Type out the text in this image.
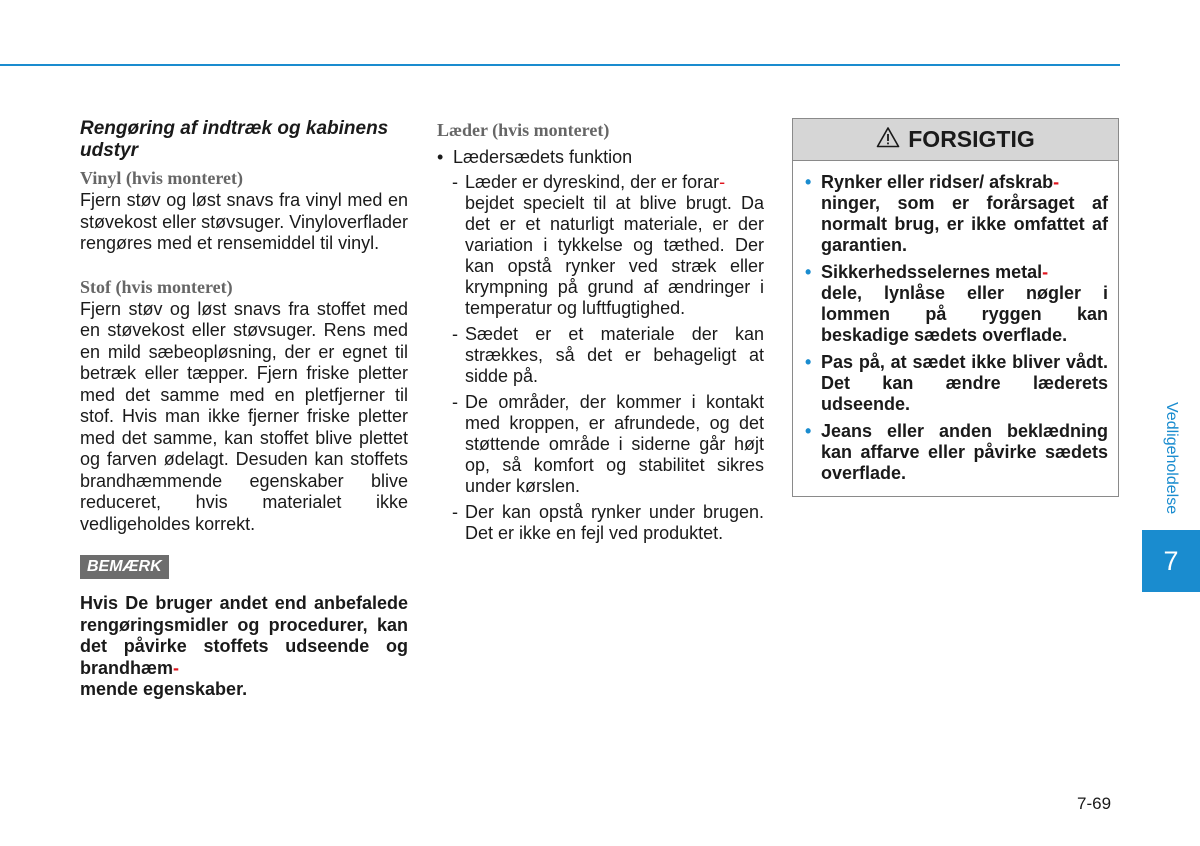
Rengøring af indtræk og kabinens udstyr
Vinyl (hvis monteret)

Fjern støv og løst snavs fra vinyl med en støvekost eller støvsuger. Vinyloverflader rengøres med et rensemiddel til vinyl.

Stof (hvis monteret)

Fjern støv og løst snavs fra stoffet med en støvekost eller støvsuger. Rens med en mild sæbeopløsning, der er egnet til betræk eller tæpper. Fjern friske pletter med det samme med en pletfjerner til stof. Hvis man ikke fjerner friske pletter med det samme, kan stoffet blive plettet og farven ødelagt. Desuden kan stoffets brandhæmmende egenskaber blive reduceret, hvis materialet ikke vedligeholdes korrekt.

BEMÆRK

Hvis De bruger andet end anbefalede rengøringsmidler og procedurer, kan det påvirke stoffets udseende og brandhæm-
mende egenskaber.

Læder (hvis monteret)
• Lædersædets funktion
- Læder er dyreskind, der er forar-
bejdet specielt til at blive brugt. Da det er et naturligt materiale, er der variation i tykkelse og tæthed. Der kan opstå rynker ved stræk eller krympning på grund af ændringer i temperatur og luftfugtighed.
- Sædet er et materiale der kan strækkes, så det er behageligt at sidde på.
- De områder, der kommer i kontakt med kroppen, er afrundede, og det støttende område i siderne går højt op, så komfort og stabilitet sikres under kørslen.
- Der kan opstå rynker under brugen. Det er ikke en fejl ved produktet.
FORSIGTIG
• Rynker eller ridser/ afskrab-
ninger, som er forårsaget af normalt brug, er ikke omfattet af garantien.
• Sikkerhedsselernes metal-
dele, lynlåse eller nøgler i lommen på ryggen kan beskadige sædets overflade.
• Pas på, at sædet ikke bliver vådt. Det kan ændre læderets udseende.
• Jeans eller anden beklædning kan affarve eller påvirke sædets overflade.	Vedligeholdelse
7
7-69
